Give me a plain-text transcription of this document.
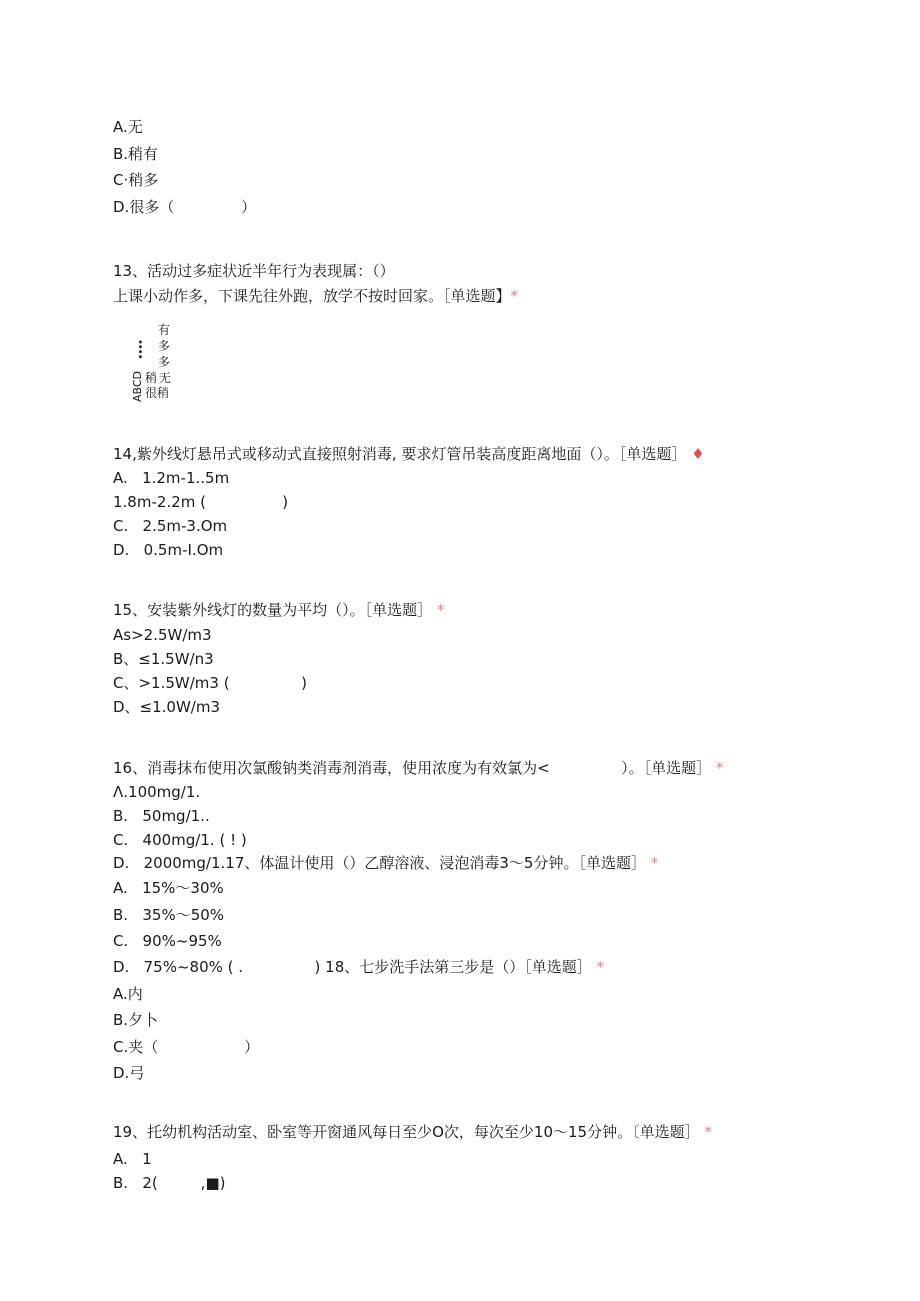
A.无
B.稍有
C·稍多
D.很多（              ）
13、活动过多症状近半年行为表现属：（）
上课小动作多，下课先往外跑，放学不按时回家。［单选题】*
有
多
多
••••
ABCD 稍 无
很稍
14,紫外线灯悬吊式或移动式直接照射消毒, 要求灯管吊装高度距离地面（）。［单选题］ ♦
A.   1.2m-1..5m
1.8m-2.2m (                )
C.   2.5m-3.Om
D.   0.5m-I.Om
15、安装紫外线灯的数量为平均（）。［单选题］ *
As>2.5W/m3
B、≤1.5W/n3
C、>1.5W/m3 (               )
D、≤1.0W/m3
16、消毒抹布使用次氯酸钠类消毒剂消毒，使用浓度为有效氯为<               ）。［单选题］ *
Λ.100mg/1.
B.   50mg/1..
C.   400mg/1. ( ! )
D.   2000mg/1.17、体温计使用（）乙醇溶液、浸泡消毒3〜5分钟。［单选题］ *
A.   15%〜30%
B.   35%〜50%
C.   90%~95%
D.   75%~80% ( .               ) 18、七步洗手法第三步是（）［单选题］ *
A.内
B.夕卜
C.夹（                  ）
D.弓
19、托幼机构活动室、卧室等开窗通风每日至少O次，每次至少10〜15分钟。〔单选题］ *
A.   1
B.   2(         ,■)
